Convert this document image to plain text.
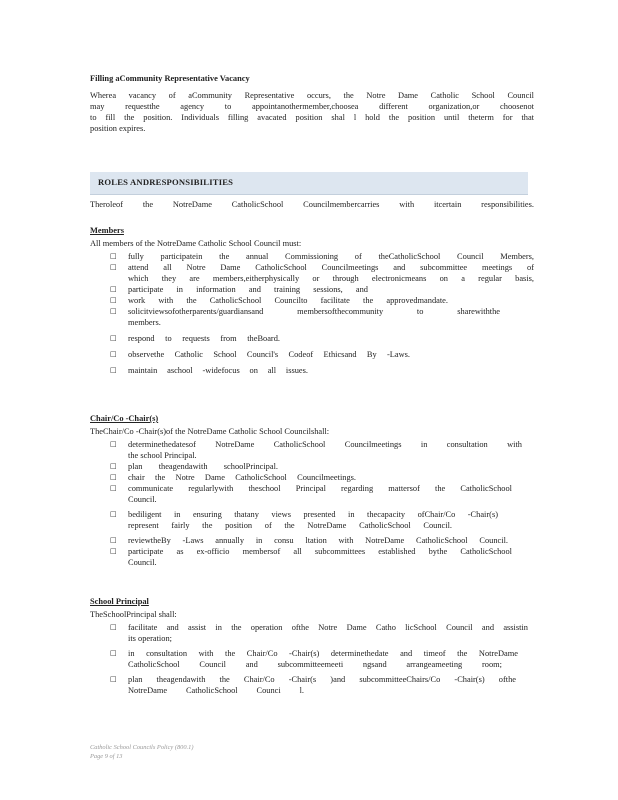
Filling aCommunity Representative Vacancy
Wherea vacancy of aCommunity Representative occurs, the Notre Dame Catholic School Council
may requestthe agency to appointanothermember,choosea different organization,or choosenot
to fill the position. Individuals filling avacated position shal l hold the position until theterm for that
position expires.
ROLES ANDRESPONSIBILITIES
Theroleof the NotreDame CatholicSchool Councilmembercarries with itcertain responsibilities.
Members
All members of the NotreDame Catholic School Council must:
□ fully participatein the annual Commissioning of theCatholicSchool Council Members,
□ attend all Notre Dame CatholicSchool Councilmeetings and subcommittee meetings of
which they are members,eitherphysically or through electronicmeans on a regular basis,
□ participate in information and training sessions, and
□ work with the CatholicSchool Councilto facilitate the approvedmandate.
□ solicitviewsofotherparents/guardiansand membersofthecommunity to sharewiththe
members.
□ respond to requests from theBoard.
□ observethe Catholic School Council's Codeof Ethicsand By -Laws.
□ maintain aschool -widefocus on all issues.
Chair/Co -Chair(s)
TheChair/Co -Chair(s)of the NotreDame Catholic School Councilshall:
□ determinethedatesof NotreDame CatholicSchool Councilmeetings in consultation with
the school Principal.
□ plan theagendawith schoolPrincipal.
□ chair the Notre Dame CatholicSchool Councilmeetings.
□ communicate regularlywith theschool Principal regarding mattersof the CatholicSchool
Council.
□ bediligent in ensuring thatany views presented in thecapacity ofChair/Co -Chair(s)
represent fairly the position of the NotreDame CatholicSchool Council.
□ reviewtheBy -Laws annually in consu ltation with NotreDame CatholicSchool Council.
□ participate as ex-officio membersof all subcommittees established bythe CatholicSchool
Council.
School Principal
TheSchoolPrincipal shall:
□ facilitate and assist in the operation ofthe Notre Dame Catho licSchool Council and assistin
its operation;
□ in consultation with the Chair/Co -Chair(s) determinethedate and timeof the NotreDame
CatholicSchool Council and subcommitteemeeti ngsand arrangeameeting room;
□ plan theagendawith the Chair/Co -Chair(s )and subcommitteeChairs/Co -Chair(s) ofthe
NotreDame CatholicSchool Counci l.
Catholic School Councils Policy (800.1)
Page 9 of 13
